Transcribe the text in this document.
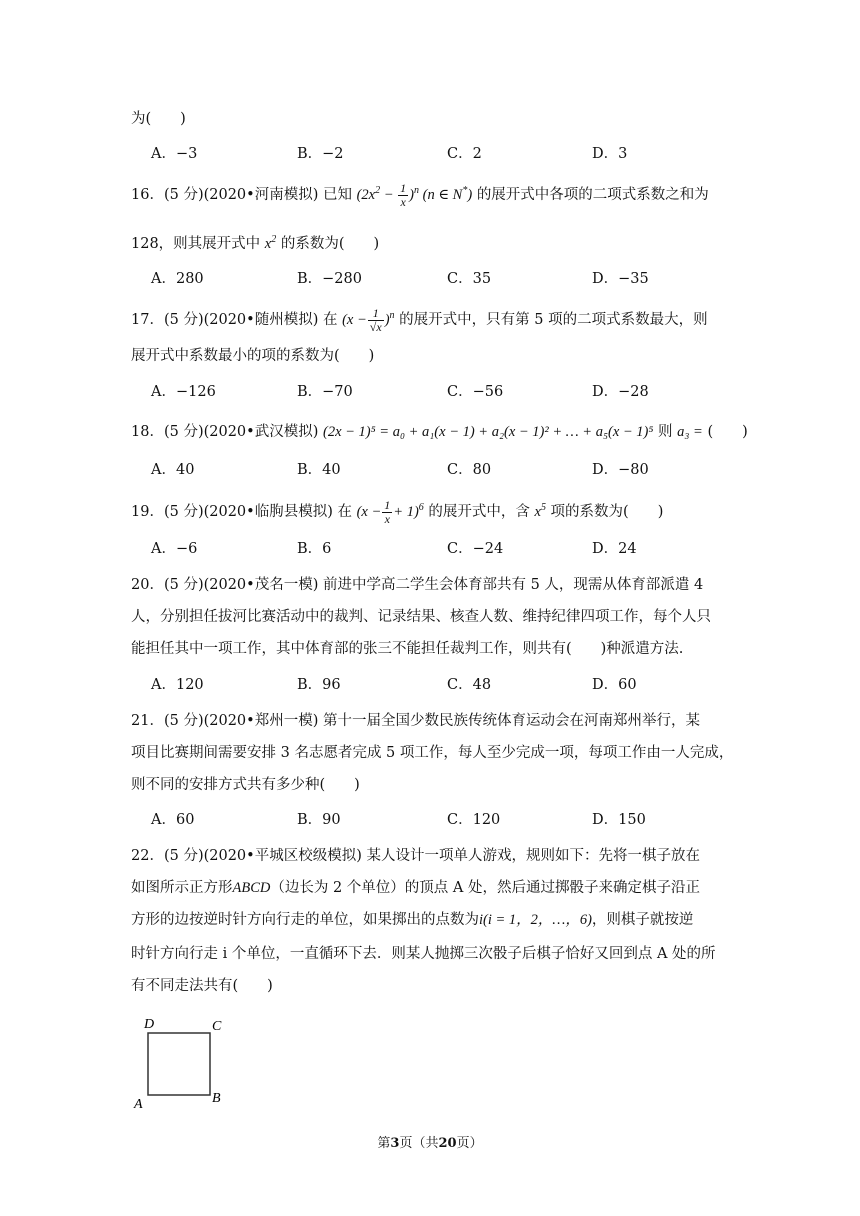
为(　　)
A．−3	B．−2	C．2	D．3
16．(5 分)(2020•河南模拟) 已知 $(2x^2 - \frac{1}{x} )^n$ (n ∈ N*) 的展开式中各项的二项式系数之和为
128，则其展开式中 $x^2$ 的系数为(　　)
A．280	B．−280	C．35	D．−35
17．(5 分)(2020•随州模拟) 在 $(x - \frac{1}{√x} )^n$ 的展开式中，只有第 5 项的二项式系数最大，则
展开式中系数最小的项的系数为(　　)
A．−126	B．−70	C．−56	D．−28
18．(5 分)(2020•武汉模拟) (2x − 1)⁵ = a₀ + a₁(x − 1) + a₂(x − 1)² + … + a₅(x − 1)⁵ 则 a₃ = (　　)
A．40	B．40	C．80	D．−80
19．(5 分)(2020•临朐县模拟) 在 $(x - \frac{1}{x} + 1)^6$ 的展开式中，含 $x^5$ 项的系数为(　　)
A．−6	B．6	C．−24	D．24
20．(5 分)(2020•茂名一模) 前进中学高二学生会体育部共有 5 人，现需从体育部派遣 4
人，分别担任拔河比赛活动中的裁判、记录结果、核查人数、维持纪律四项工作，每个人只
能担任其中一项工作，其中体育部的张三不能担任裁判工作，则共有(　　)种派遣方法.
A．120	B．96	C．48	D．60
21．(5 分)(2020•郑州一模) 第十一届全国少数民族传统体育运动会在河南郑州举行，某
项目比赛期间需要安排 3 名志愿者完成 5 项工作，每人至少完成一项，每项工作由一人完成，
则不同的安排方式共有多少种(　　)
A．60	B．90	C．120	D．150
22．(5 分)(2020•平城区校级模拟) 某人设计一项单人游戏，规则如下：先将一棋子放在
如图所示正方形ABCD（边长为 2 个单位）的顶点 A 处，然后通过掷骰子来确定棋子沿正
方形的边按逆时针方向行走的单位，如果掷出的点数为i(i = 1，2，…，6)，则棋子就按逆
时针方向行走 i 个单位，一直循环下去．则某人抛掷三次骰子后棋子恰好又回到点 A 处的所
有不同走法共有(　　)
D	C
A	B
第3页（共20页）
